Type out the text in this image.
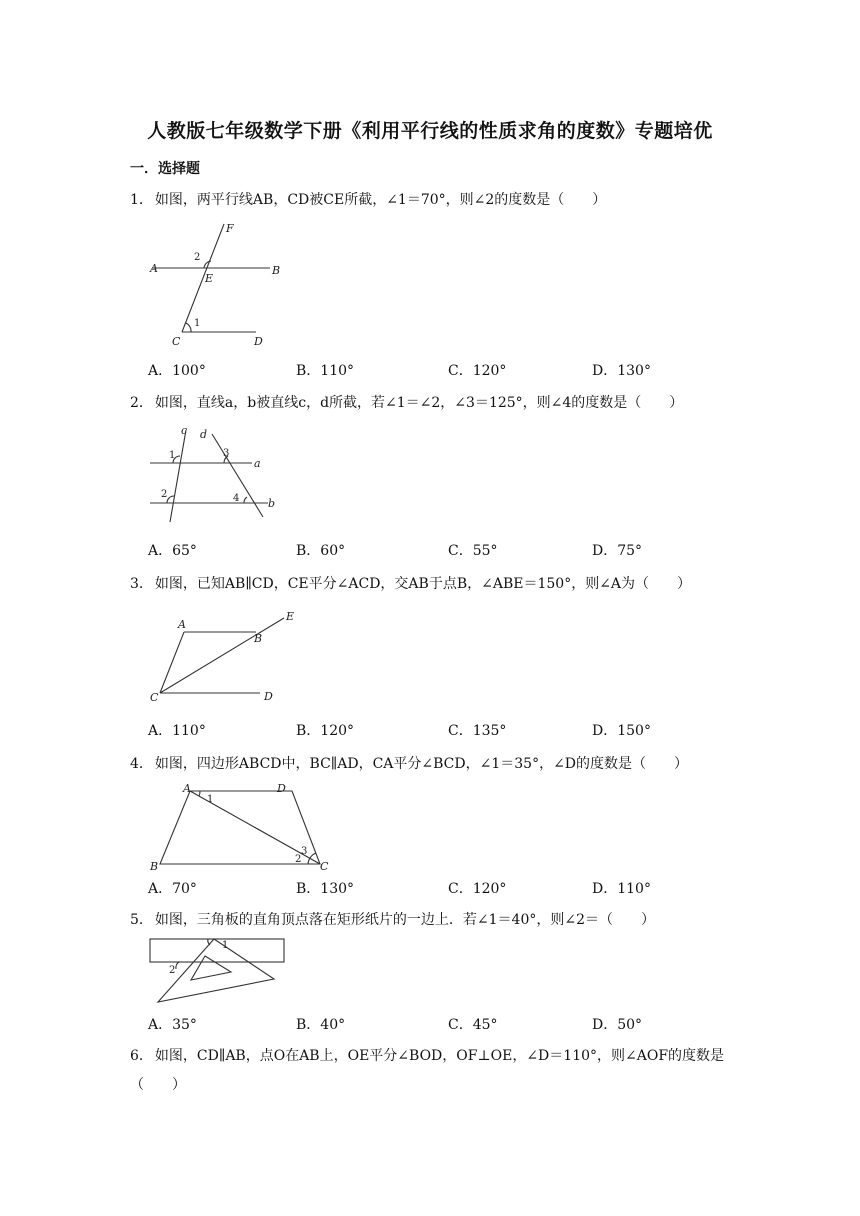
人教版七年级数学下册《利用平行线的性质求角的度数》专题培优
一．选择题
1． 如图，两平行线AB，CD被CE所截，∠1＝70°，则∠2的度数是（　　）
F
2
A
E
B
1
C	D
A．100°	B．110°	C．120°	D．130°
2． 如图，直线a，b被直线c，d所截，若∠1＝∠2，∠3＝125°，则∠4的度数是（　　）
c d
1	3
a
2	4	b
A．65°	B．60°	C．55°	D．75°
3． 如图，已知AB∥CD，CE平分∠ACD，交AB于点B，∠ABE＝150°，则∠A为（　　）
A
B
E
C	D
A．110°	B．120°	C．135°	D．150°
4． 如图，四边形ABCD中，BC∥AD，CA平分∠BCD，∠1＝35°，∠D的度数是（　　）
A
1
D
B
3
2
C
A．70°	B．130°	C．120°	D．110°
5． 如图，三角板的直角顶点落在矩形纸片的一边上．若∠1＝40°，则∠2＝（　　）
1
2
A．35°	B．40°	C．45°	D．50°
6． 如图，CD∥AB，点O在AB上，OE平分∠BOD，OF⊥OE，∠D＝110°，则∠AOF的度数是（　　）
